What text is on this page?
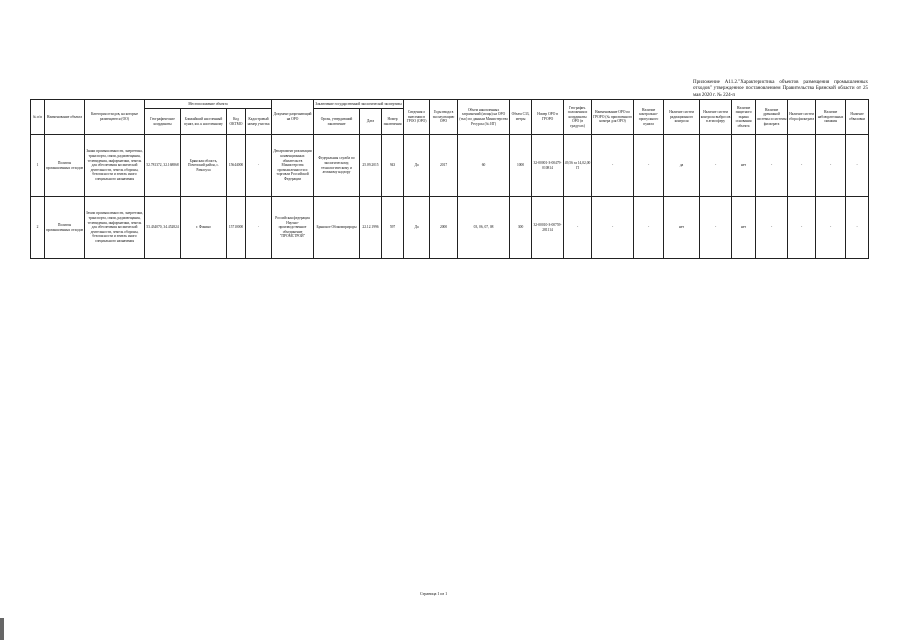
Приложение А11.2."Характеристика объектов размещения промышленных отходов" утвержденное постановлением Правительства Брянской области от 25 мая 2020 г. № 224-п
№ п/п	Наименование объекта	Категория отходов, на которые размещаются (ОО)	Местоположение объекта				Документ разрешающий на ОРО	Заключение государственной экологической экспертизы			Сведения о внесении в ГРОО (ОРО)	Годы ввода в эксплуатацию ОРО	Объем накопленных загрязнений (мощн) на ОРО (тыс) по данным Министерства Ресурсы (№ ИГ)	Объем С33, метры	Номер ОРО в ГРОРО	Географич. положения и координаты ОРО (в градусах)	Наименование ОРО по ГРОРО (№ присвоенного номера для ОРО)	Наличие контрольно-пропускного пункта	Наличие систем радиационного контроля	Наличие систем контроля выбросов в атмосферу	Наличие защитного экрана основания объекта	Наличие дренажной системы и системы фильтрата	Наличие систем сбора фильтрата	Наличие наблюдательных скважин	Наличие обваловки
			Географические координаты	Ближайший населенный пункт, км. к населенному	Код ОКТМО	Кадастровый номер участка		Орган, утвердивший заключение	Дата	Номер заключения															
1	Полигон промышленных отходов	Знаки промышленности, энергетика, транспорта, связи, радиовещания, телевидения, информатики, земель для обеспечения космической деятельности, земель обороны, безопасности и земель иного специального назначения	52.781372, 32.168868	Брянская область, Почепский район, с. Рамасуха	15644000	-	Департамент реализации конвенционных обязательств Министерства промышленности и торговли Российской Федерации	Федеральная служба по экологическому, технологическому и атомному надзору	25.09.2015	943	Да	2017	60	1000	32-00001-З-00479-010814	49,56 га 14,02,00 П	-	-	да	-	нет	-	-	-	-
2	Полигон промышленных отходов	Земли промышленности, энергетики, транспорта, связи, радиовещания, телевидения, информатики, земель для обеспечения космической деятельности, земель обороны, безопасности и земель иного специального назначения	53.434070, 34.452824	г. Фокино	15710000	-	Российская федерация Научно-производственное объединение "ПРОМСТРОЙ"	Брянское Облкомприроды	22.12.1996	597	Да	2000	03, 06, 07, 08	300	32-00010-З-00759-281114	-	-	-	нет	-	нет	-	-	-	-
Страница 1 из 1
